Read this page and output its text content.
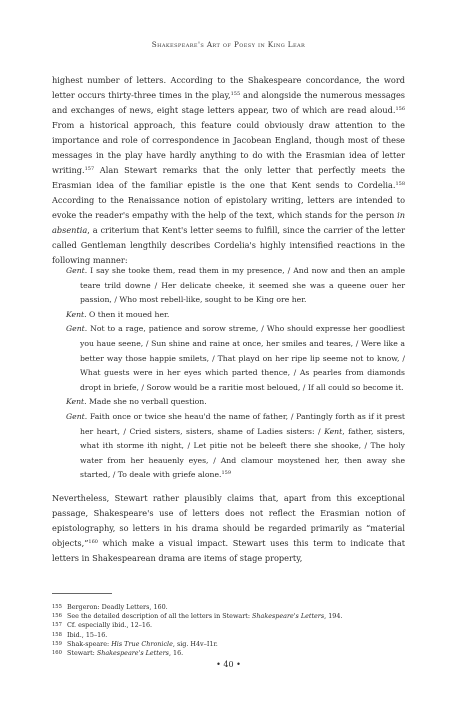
Shakespeare's Art of Poesy in King Lear

highest number of letters. According to the Shakespeare concordance, the word letter occurs thirty-three times in the play,$^{155}$ and alongside the numerous messages and exchanges of news, eight stage letters appear, two of which are read aloud.$^{156}$ From a historical approach, this feature could obviously draw attention to the importance and role of correspondence in Jacobean England, though most of these messages in the play have hardly anything to do with the Erasmian idea of letter writing.$^{157}$ Alan Stewart remarks that the only letter that perfectly meets the Erasmian idea of the familiar epistle is the one that Kent sends to Cordelia.$^{158}$ According to the Renaissance notion of epistolary writing, letters are intended to evoke the reader's empathy with the help of the text, which stands for the person in absentia, a criterium that Kent's letter seems to fulfill, since the carrier of the letter called Gentleman lengthily describes Cordelia's highly intensified reactions in the following manner:

Gent. I say she tooke them, read them in my presence, / And now and then an ample teare trild downe / Her delicate cheeke, it seemed she was a queene ouer her passion, / Who most rebell-like, sought to be King ore her.
Kent. O then it moued her.
Gent. Not to a rage, patience and sorow streme, / Who should expresse her goodliest you haue seene, / Sun shine and raine at once, her smiles and teares, / Were like a better way those happie smilets, / That playd on her ripe lip seeme not to know, / What guests were in her eyes which parted thence, / As pearles from diamonds dropt in briefe, / Sorow would be a raritie most beloued, / If all could so become it.
Kent. Made she no verball question.
Gent. Faith once or twice she heau'd the name of father, / Pantingly forth as if it prest her heart, / Cried sisters, sisters, shame of Ladies sisters: / Kent, father, sisters, what ith storme ith night, / Let pitie not be beleeft there she shooke, / The holy water from her heauenly eyes, / And clamour moystened her, then away she started, / To deale with griefe alone.$^{159}$

Nevertheless, Stewart rather plausibly claims that, apart from this exceptional passage, Shakespeare's use of letters does not reflect the Erasmian notion of epistolography, so letters in his drama should be regarded primarily as “material objects,”$^{160}$ which make a visual impact. Stewart uses this term to indicate that letters in Shakespearean drama are items of stage property,

155 Bergeron: Deadly Letters, 160.
156 See the detailed description of all the letters in Stewart: Shakespeare's Letters, 194.
157 Cf. especially ibid., 12–16.
158 Ibid., 15–16.
159 Shak-speare: His True Chronicle, sig. H4v–I1r.
160 Stewart: Shakespeare's Letters, 16.
• 40 •
